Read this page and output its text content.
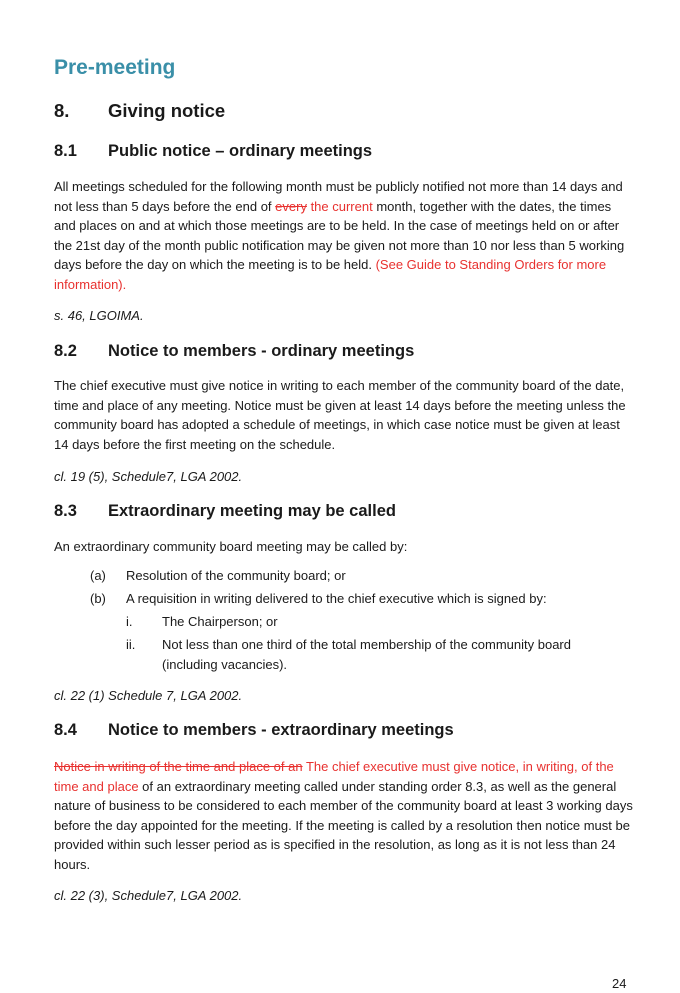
Pre-meeting
8. Giving notice
8.1 Public notice – ordinary meetings

All meetings scheduled for the following month must be publicly notified not more than 14 days and not less than 5 days before the end of every the current month, together with the dates, the times and places on and at which those meetings are to be held. In the case of meetings held on or after the 21st day of the month public notification may be given not more than 10 nor less than 5 working days before the day on which the meeting is to be held. (See Guide to Standing Orders for more information).

s. 46, LGOIMA.

8.2 Notice to members - ordinary meetings

The chief executive must give notice in writing to each member of the community board of the date, time and place of any meeting. Notice must be given at least 14 days before the meeting unless the community board has adopted a schedule of meetings, in which case notice must be given at least 14 days before the first meeting on the schedule.

cl. 19 (5), Schedule7, LGA 2002.

8.3 Extraordinary meeting may be called

An extraordinary community board meeting may be called by:

(a) Resolution of the community board; or
(b) A requisition in writing delivered to the chief executive which is signed by:
i. The Chairperson; or
ii. Not less than one third of the total membership of the community board (including vacancies).

cl. 22 (1) Schedule 7, LGA 2002.

8.4 Notice to members - extraordinary meetings

Notice in writing of the time and place of an The chief executive must give notice, in writing, of the time and place of an extraordinary meeting called under standing order 8.3, as well as the general nature of business to be considered to each member of the community board at least 3 working days before the day appointed for the meeting. If the meeting is called by a resolution then notice must be provided within such lesser period as is specified in the resolution, as long as it is not less than 24 hours.

cl. 22 (3), Schedule7, LGA 2002.

24
